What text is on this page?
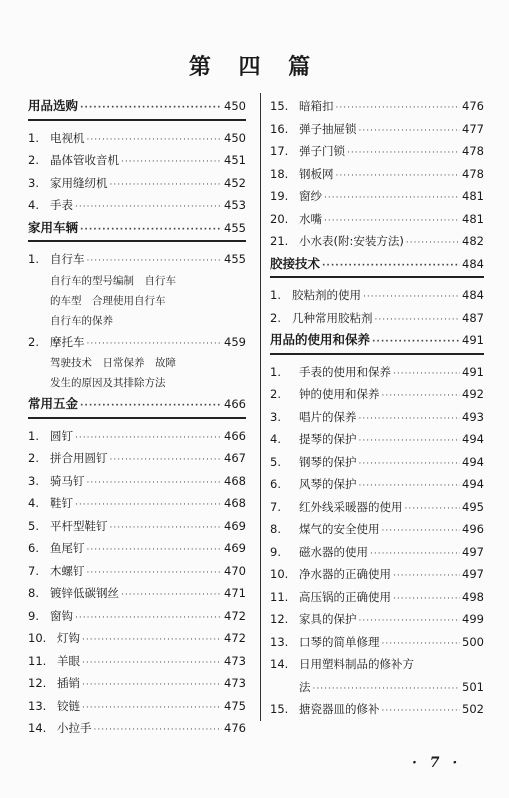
第 四 篇
用品选购 ·····	450
1. 电视机 ·····	450
2. 晶体管收音机 ·····	451
3. 家用缝纫机 ·····	452
4. 手表 ·····	453
家用车辆 ·····	455
1. 自行车 ·····	455
自行车的型号编制　自行车
的车型　合理使用自行车
自行车的保养
2. 摩托车 ·····	459
驾驶技术　日常保养　故障
发生的原因及其排除方法
常用五金 ·····	466
1. 圆钉 ·····	466
2. 拼合用圆钉 ·····	467
3. 骑马钉 ·····	468
4. 鞋钉 ·····	468
5. 平杆型鞋钉 ·····	469
6. 鱼尾钉 ·····	469
7. 木螺钉 ·····	470
8. 镀锌低碳钢丝 ·····	471
9. 窗钩 ·····	472
10. 灯钩 ·····	472
11. 羊眼 ·····	473
12. 插销 ·····	473
13. 铰链 ·····	475
14. 小拉手 ·····	476
15. 暗箱扣 ·····	476
16. 弹子抽屉锁 ·····	477
17. 弹子门锁 ·····	478
18. 钢板网 ·····	478
19. 窗纱 ·····	481
20. 水嘴 ·····	481
21. 小水表(附:安装方法) ·····	482
胶接技术 ·····	484
1. 胶粘剂的使用 ·····	484
2. 几种常用胶粘剂 ·····	487
用品的使用和保养 ·····	491
1.	手表的使用和保养 ·····	491
2.	钟的使用和保养 ·····	492
3.	唱片的保养 ·····	493
4.	提琴的保护 ·····	494
5.	钢琴的保护 ·····	494
6.	风琴的保护 ·····	494
7.	红外线采暖器的使用 ·····	495
8.	煤气的安全使用 ·····	496
9.	磁水器的使用 ·····	497
10. 净水器的正确使用 ·····	497
11. 高压锅的正确使用 ·····	498
12. 家具的保护 ·····	499
13. 口琴的简单修理 ·····	500
14. 日用塑料制品的修补方
法 ·····	501
15. 搪瓷器皿的修补 ·····	502
· 7 ·
